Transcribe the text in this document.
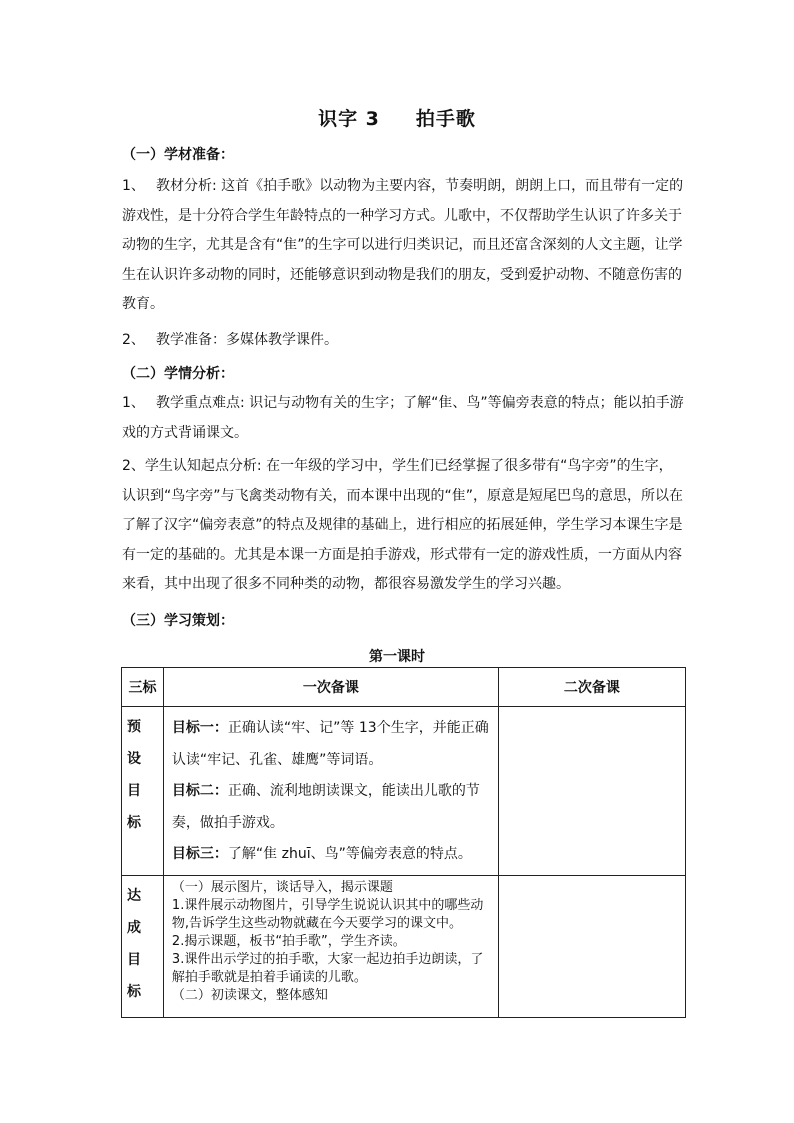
识字 3 拍手歌
（一）学材准备：
1、 教材分析: 这首《拍手歌》以动物为主要内容，节奏明朗，朗朗上口，而且带有一定的游戏性，是十分符合学生年龄特点的一种学习方式。儿歌中，不仅帮助学生认识了许多关于动物的生字，尤其是含有“隹”的生字可以进行归类识记，而且还富含深刻的人文主题，让学生在认识许多动物的同时，还能够意识到动物是我们的朋友，受到爱护动物、不随意伤害的教育。
2、 教学准备：多媒体教学课件。
（二）学情分析：
1、 教学重点难点: 识记与动物有关的生字；了解“隹、鸟”等偏旁表意的特点；能以拍手游戏的方式背诵课文。
2、学生认知起点分析: 在一年级的学习中，学生们已经掌握了很多带有“鸟字旁”的生字，认识到“鸟字旁”与飞禽类动物有关，而本课中出现的“隹”，原意是短尾巴鸟的意思，所以在了解了汉字“偏旁表意”的特点及规律的基础上，进行相应的拓展延伸，学生学习本课生字是有一定的基础的。尤其是本课一方面是拍手游戏，形式带有一定的游戏性质，一方面从内容来看，其中出现了很多不同种类的动物，都很容易激发学生的学习兴趣。
（三）学习策划：
第一课时
三标	一次备课	二次备课
预设目标	目标一：正确认读“牢、记”等 13个生字，并能正确认读“牢记、孔雀、雄鹰”等词语。
目标二：正确、流利地朗读课文，能读出儿歌的节奏，做拍手游戏。
目标三：了解“隹 zhuī、鸟”等偏旁表意的特点。	

达成目标	（一）展示图片，谈话导入，揭示课题
1.课件展示动物图片，引导学生说说认识其中的哪些动物,告诉学生这些动物就藏在今天要学习的课文中。
2.揭示课题，板书“拍手歌”，学生齐读。
3.课件出示学过的拍手歌，大家一起边拍手边朗读，了解拍手歌就是拍着手诵读的儿歌。
（二）初读课文，整体感知	
